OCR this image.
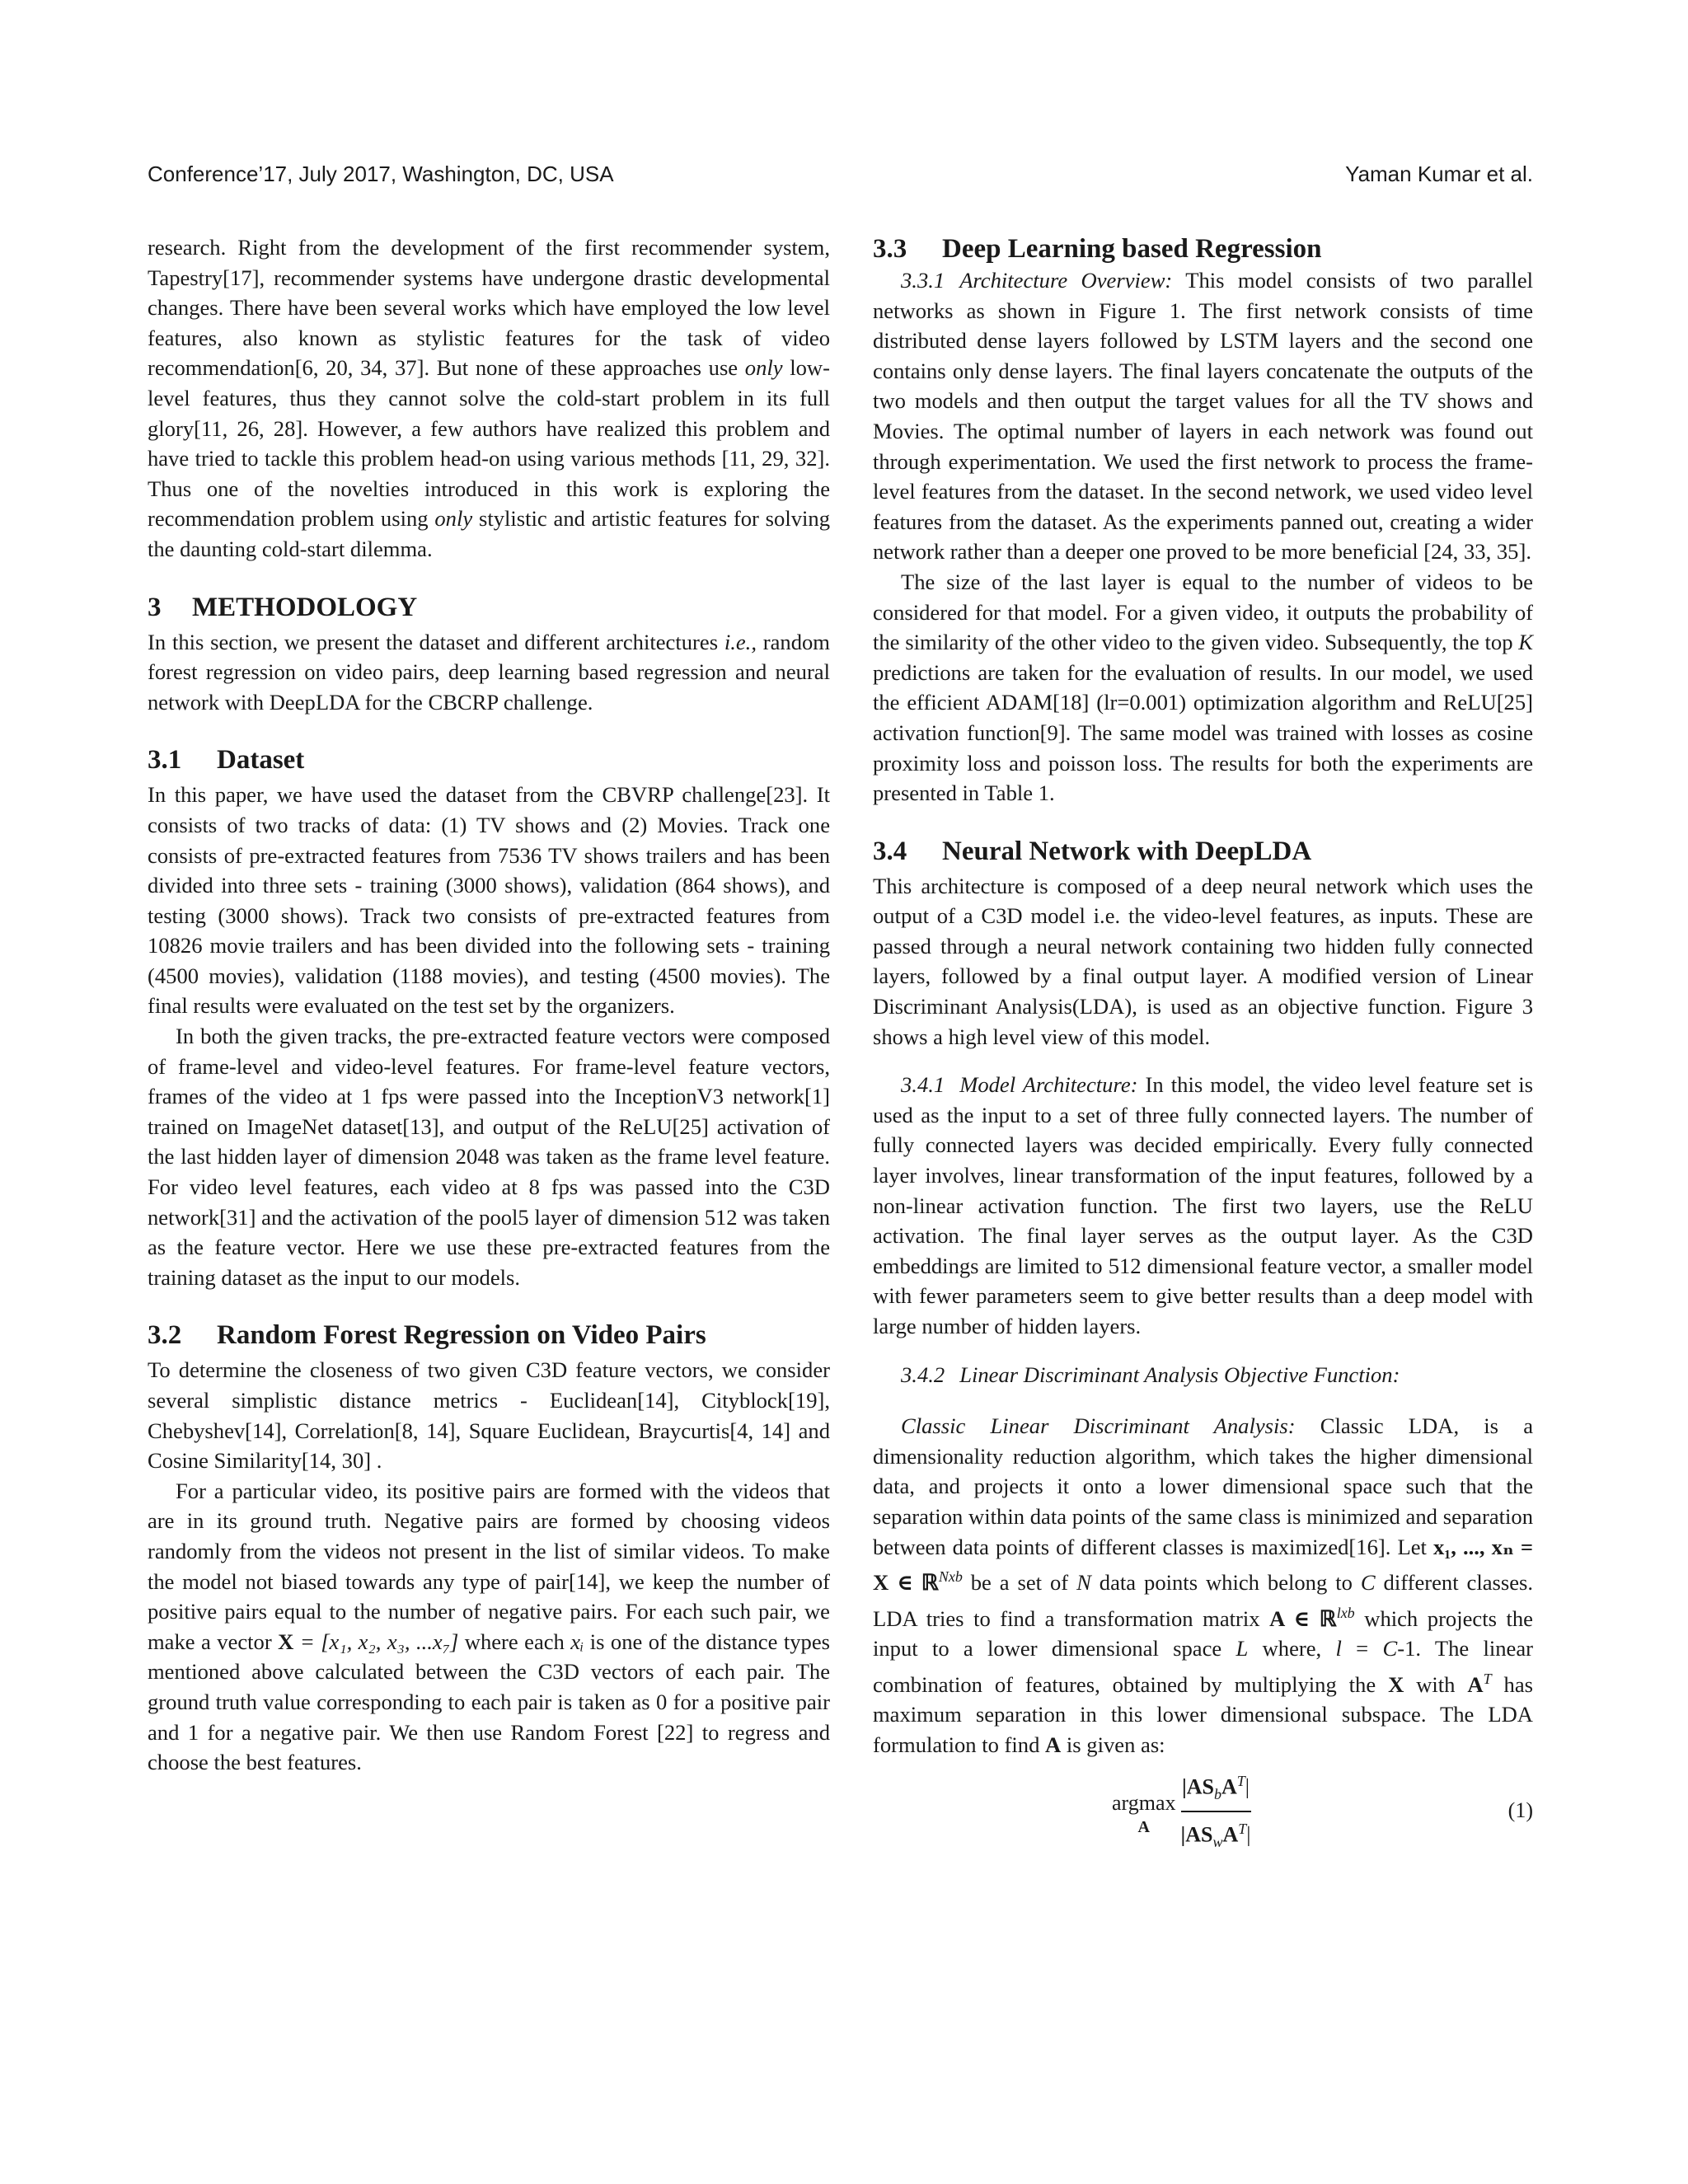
Conference’17, July 2017, Washington, DC, USA	Yaman Kumar et al.

research. Right from the development of the first recommender system, Tapestry[17], recommender systems have undergone drastic developmental changes. There have been several works which have employed the low level features, also known as stylistic features for the task of video recommendation[6, 20, 34, 37]. But none of these approaches use only low-level features, thus they cannot solve the cold-start problem in its full glory[11, 26, 28]. However, a few authors have realized this problem and have tried to tackle this problem head-on using various methods [11, 29, 32]. Thus one of the novelties introduced in this work is exploring the recommendation problem using only stylistic and artistic features for solving the daunting cold-start dilemma.

3 METHODOLOGY

In this section, we present the dataset and different architectures i.e., random forest regression on video pairs, deep learning based regression and neural network with DeepLDA for the CBCRP challenge.

3.1 Dataset

In this paper, we have used the dataset from the CBVRP challenge[23]. It consists of two tracks of data: (1) TV shows and (2) Movies. Track one consists of pre-extracted features from 7536 TV shows trailers and has been divided into three sets - training (3000 shows), validation (864 shows), and testing (3000 shows). Track two consists of pre-extracted features from 10826 movie trailers and has been divided into the following sets - training (4500 movies), validation (1188 movies), and testing (4500 movies). The final results were evaluated on the test set by the organizers.

In both the given tracks, the pre-extracted feature vectors were composed of frame-level and video-level features. For frame-level feature vectors, frames of the video at 1 fps were passed into the InceptionV3 network[1] trained on ImageNet dataset[13], and output of the ReLU[25] activation of the last hidden layer of dimension 2048 was taken as the frame level feature. For video level features, each video at 8 fps was passed into the C3D network[31] and the activation of the pool5 layer of dimension 512 was taken as the feature vector. Here we use these pre-extracted features from the training dataset as the input to our models.

3.2 Random Forest Regression on Video Pairs

To determine the closeness of two given C3D feature vectors, we consider several simplistic distance metrics - Euclidean[14], Cityblock[19], Chebyshev[14], Correlation[8, 14], Square Euclidean, Braycurtis[4, 14] and Cosine Similarity[14, 30] .

For a particular video, its positive pairs are formed with the videos that are in its ground truth. Negative pairs are formed by choosing videos randomly from the videos not present in the list of similar videos. To make the model not biased towards any type of pair[14], we keep the number of positive pairs equal to the number of negative pairs. For each such pair, we make a vector X = [x₁, x₂, x₃, ...x₇] where each xᵢ is one of the distance types mentioned above calculated between the C3D vectors of each pair. The ground truth value corresponding to each pair is taken as 0 for a positive pair and 1 for a negative pair. We then use Random Forest [22] to regress and choose the best features.

3.3 Deep Learning based Regression

3.3.1 Architecture Overview: This model consists of two parallel networks as shown in Figure 1. The first network consists of time distributed dense layers followed by LSTM layers and the second one contains only dense layers. The final layers concatenate the outputs of the two models and then output the target values for all the TV shows and Movies. The optimal number of layers in each network was found out through experimentation. We used the first network to process the frame-level features from the dataset. In the second network, we used video level features from the dataset. As the experiments panned out, creating a wider network rather than a deeper one proved to be more beneficial [24, 33, 35].

The size of the last layer is equal to the number of videos to be considered for that model. For a given video, it outputs the probability of the similarity of the other video to the given video. Subsequently, the top K predictions are taken for the evaluation of results. In our model, we used the efficient ADAM[18] (lr=0.001) optimization algorithm and ReLU[25] activation function[9]. The same model was trained with losses as cosine proximity loss and poisson loss. The results for both the experiments are presented in Table 1.

3.4 Neural Network with DeepLDA

This architecture is composed of a deep neural network which uses the output of a C3D model i.e. the video-level features, as inputs. These are passed through a neural network containing two hidden fully connected layers, followed by a final output layer. A modified version of Linear Discriminant Analysis(LDA), is used as an objective function. Figure 3 shows a high level view of this model.

3.4.1 Model Architecture: In this model, the video level feature set is used as the input to a set of three fully connected layers. The number of fully connected layers was decided empirically. Every fully connected layer involves, linear transformation of the input features, followed by a non-linear activation function. The first two layers, use the ReLU activation. The final layer serves as the output layer. As the C3D embeddings are limited to 512 dimensional feature vector, a smaller model with fewer parameters seem to give better results than a deep model with large number of hidden layers.

3.4.2 Linear Discriminant Analysis Objective Function:

Classic Linear Discriminant Analysis: Classic LDA, is a dimensionality reduction algorithm, which takes the higher dimensional data, and projects it onto a lower dimensional space such that the separation within data points of the same class is minimized and separation between data points of different classes is maximized[16]. Let x₁, ..., xₙ = X ∈ ℝ$^{Nxb}$ be a set of N data points which belong to C different classes. LDA tries to find a transformation matrix A ∈ ℝ$^{lxb}$ which projects the input to a lower dimensional space L where, l = C-1. The linear combination of features, obtained by multiplying the X with $A^T$ has maximum separation in this lower dimensional subspace. The LDA formulation to find A is given as:

argmax
A $\frac{|AS_bA^T|}{|AS_wA^T|}$	(1)
